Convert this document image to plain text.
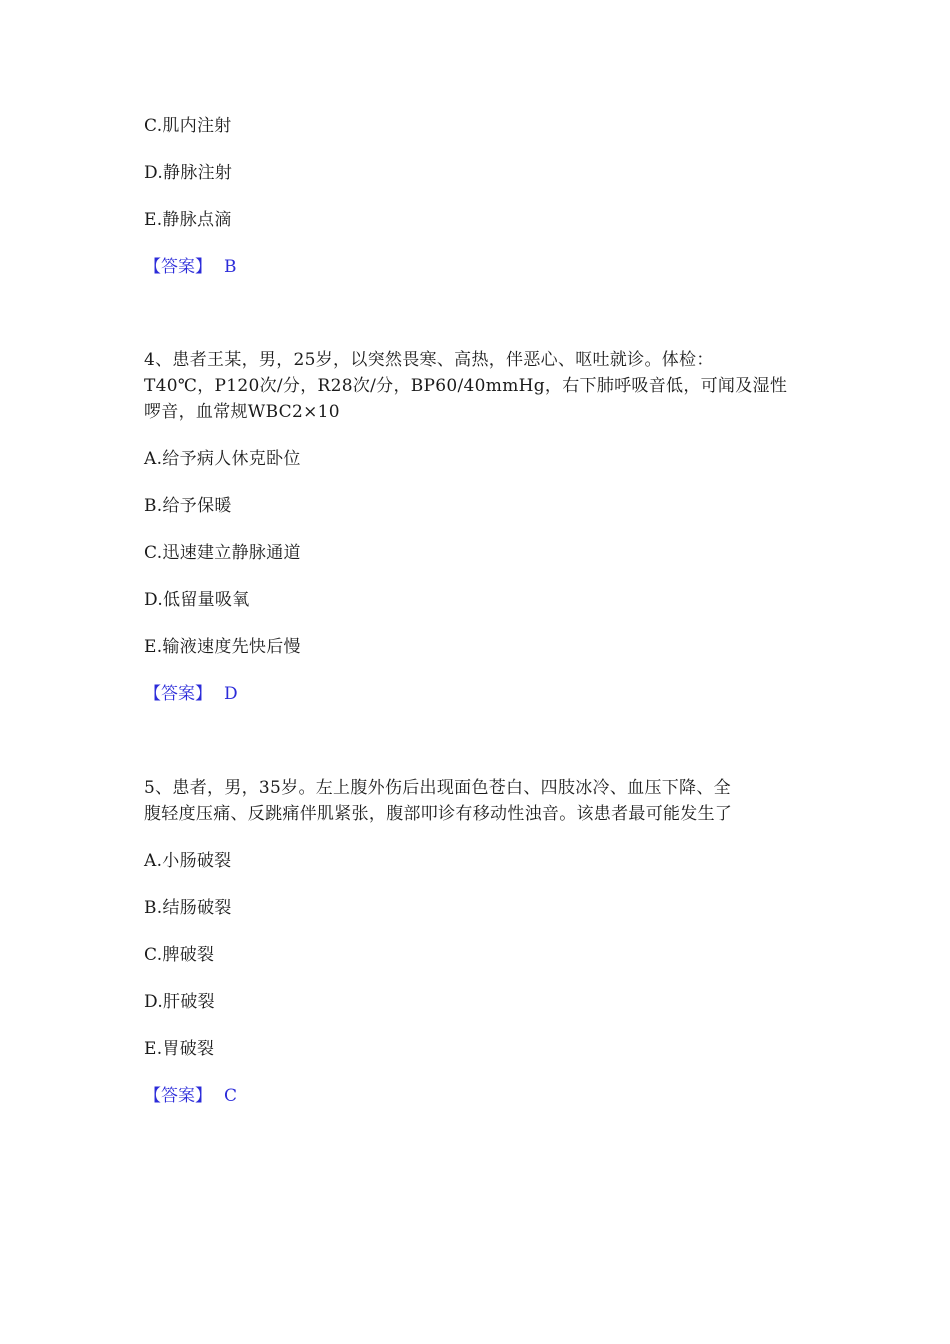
C.肌内注射
D.静脉注射
E.静脉点滴
【答案】 B
4、患者王某，男，25岁，以突然畏寒、高热，伴恶心、呕吐就诊。体检：
T40℃，P120次/分，R28次/分，BP60/40mmHg，右下肺呼吸音低，可闻及湿性
啰音，血常规WBC2×10
A.给予病人休克卧位
B.给予保暖
C.迅速建立静脉通道
D.低留量吸氧
E.输液速度先快后慢
【答案】 D
5、患者，男，35岁。左上腹外伤后出现面色苍白、四肢冰冷、血压下降、全
腹轻度压痛、反跳痛伴肌紧张，腹部叩诊有移动性浊音。该患者最可能发生了
A.小肠破裂
B.结肠破裂
C.脾破裂
D.肝破裂
E.胃破裂
【答案】 C
